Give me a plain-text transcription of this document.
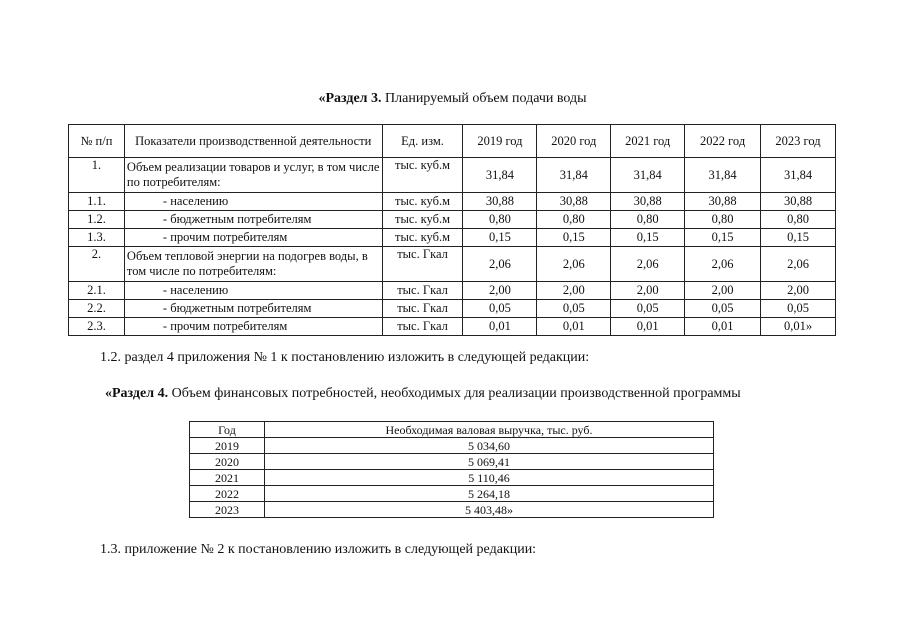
«Раздел 3. Планируемый объем подачи воды
№ п/п	Показатели производственной деятельности	Ед. изм.	2019 год	2020 год	2021 год	2022 год	2023 год
1.	Объем реализации товаров и услуг, в том числе по потребителям:	тыс. куб.м	31,84	31,84	31,84	31,84	31,84
1.1.	- населению	тыс. куб.м	30,88	30,88	30,88	30,88	30,88
1.2.	- бюджетным потребителям	тыс. куб.м	0,80	0,80	0,80	0,80	0,80
1.3.	- прочим потребителям	тыс. куб.м	0,15	0,15	0,15	0,15	0,15
2.	Объем тепловой энергии на подогрев воды, в том числе по потребителям:	тыс. Гкал	2,06	2,06	2,06	2,06	2,06
2.1.	- населению	тыс. Гкал	2,00	2,00	2,00	2,00	2,00
2.2.	- бюджетным потребителям	тыс. Гкал	0,05	0,05	0,05	0,05	0,05
2.3.	- прочим потребителям	тыс. Гкал	0,01	0,01	0,01	0,01	0,01»
1.2. раздел 4 приложения № 1 к постановлению изложить в следующей редакции:
«Раздел 4. Объем финансовых потребностей, необходимых для реализации производственной программы
Год	Необходимая валовая выручка, тыс. руб.
2019	5 034,60
2020	5 069,41
2021	5 110,46
2022	5 264,18
2023	5 403,48»
1.3. приложение № 2 к постановлению изложить в следующей редакции:
